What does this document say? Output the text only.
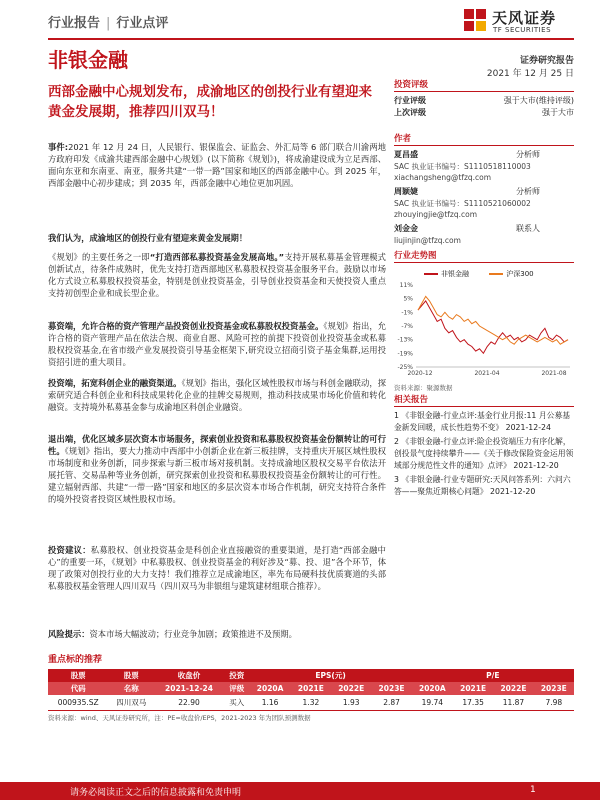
行业报告 | 行业点评	天风证券
TF SECURITIES
非银金融	证券研究报告
2021 年 12 月 25 日
西部金融中心规划发布，成渝地区的创投行业有望迎来黄金发展期，推荐四川双马！
事件:2021 年 12 月 24 日，人民银行、银保监会、证监会、外汇局等 6 部门联合川渝两地方政府印发《成渝共建西部金融中心规划》(以下简称《规划》)，将成渝建设成为立足西部、面向东亚和东南亚、南亚，服务共建“一带一路”国家和地区的西部金融中心。到 2025 年，西部金融中心初步建成；到 2035 年，西部金融中心地位更加巩固。
我们认为，成渝地区的创投行业有望迎来黄金发展期！
《规划》的主要任务之一即“打造西部私募投资基金发展高地。”支持开展私募基金管理模式创新试点，待条件成熟时，优先支持打造西部地区私募股权投资基金服务平台。鼓励以市场化方式设立私募股权投资基金，特别是创业投资基金，引导创业投资基金和天使投资人重点支持初创型企业和成长型企业。
募资端，允许合格的资产管理产品投资创业投资基金或私募股权投资基金。《规划》指出，允许合格的资产管理产品在依法合规、商业自愿、风险可控的前提下投资创业投资基金或私募股权投资基金,在省市级产业发展投资引导基金框架下,研究设立招商引资子基金集群,运用投资招引进的重大项目。
投资端，拓宽科创企业的融资渠道。《规划》指出，强化区域性股权市场与科创金融联动，探索研究适合科创企业和科技成果转化企业的挂牌交易规则，推动科技成果市场化价值和转化融资。支持境外私募基金参与成渝地区科创企业融资。
退出端，优化区域多层次资本市场服务，探索创业投资和私募股权投资基金份额转让的可行性。《规划》指出，要大力推动中西部中小创新企业在新三板挂牌，支持重庆开展区域性股权市场制度和业务创新，同步探索与新三板市场对接机制。支持成渝地区股权交易平台依法开展托管、交易品种等业务创新，研究探索创业投资和私募股权投资基金份额转让的可行性。建立辐射西部、共建“一带一路”国家和地区的多层次资本市场合作机制，研究支持符合条件的境外投资者投资区域性股权市场。
投资建议：私募股权、创业投资基金是科创企业直接融资的重要渠道，是打造“西部金融中心”的重要一环，《规划》中私募股权、创业投资基金的利好涉及“募、投、退”各个环节，体现了政策对创投行业的大力支持！我们推荐立足成渝地区，率先布局硬科技优质赛道的头部私募股权基金管理人四川双马（四川双马为非银组与建筑建材组联合推荐）。
风险提示：资本市场大幅波动；行业竞争加剧；政策推进不及预期。
重点标的推荐
投资评级
行业评级	强于大市(维持评级)
上次评级	强于大市
作者
夏昌盛	分析师
SAC 执业证书编号：S1110518110003
xiachangsheng@tfzq.com
周颖婕	分析师
SAC 执业证书编号：S1110521060002
zhouyingjie@tfzq.com
刘金金	联系人
liujinjin@tfzq.com
行业走势图
非银金融	沪深300
11%
5%
-1%
-7%
-13%
-19%
-25%
2020-12	2021-04	2021-08
资料来源：聚源数据
相关报告
1 《非银金融-行业点评:基金行业月报:11 月公募基金新发回暖，成长性趋势不变》 2021-12-24
2 《非银金融-行业点评:险企投资端压力有序化解，创投景气度持续攀升——《关于修改保险资金运用领域部分规范性文件的通知》点评》 2021-12-20
3 《非银金融-行业专题研究:天风问答系列：六问六答——聚焦近期核心问题》 2021-12-20
股票	股票	收盘价	投资	EPS(元)				P/E			
代码	名称	2021-12-24	评级	2020A	2021E	2022E	2023E	2020A	2021E	2022E	2023E
000935.SZ	四川双马	22.90	买入	1.16	1.32	1.93	2.87	19.74	17.35	11.87	7.98
资料来源：wind、天风证券研究所，注：PE=收盘价/EPS，2021-2023 年为团队预测数据
请务必阅读正文之后的信息披露和免责申明	1
